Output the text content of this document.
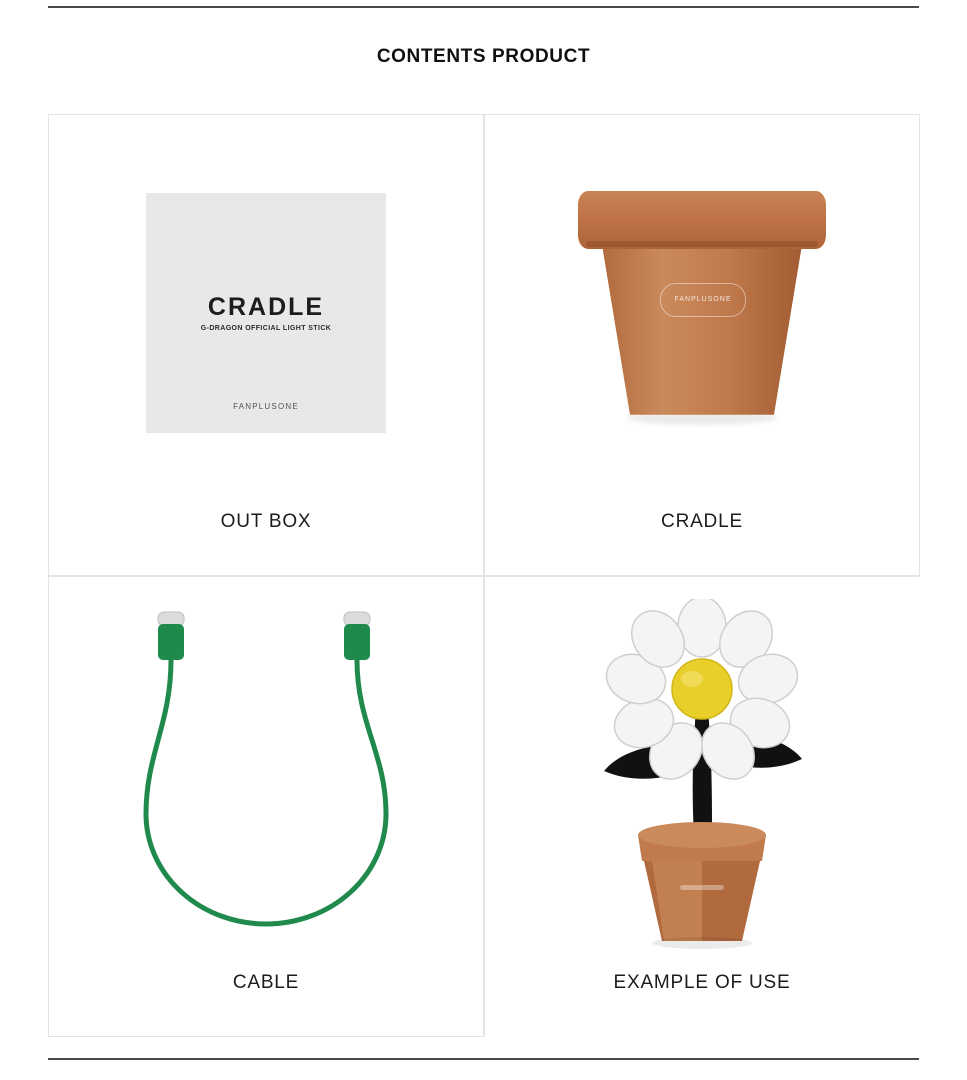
CONTENTS PRODUCT
CRADLE
G-DRAGON OFFICIAL LIGHT STICK
FANPLUSONE
OUT BOX
FANPLUSONE
CRADLE
CABLE	EXAMPLE OF USE
